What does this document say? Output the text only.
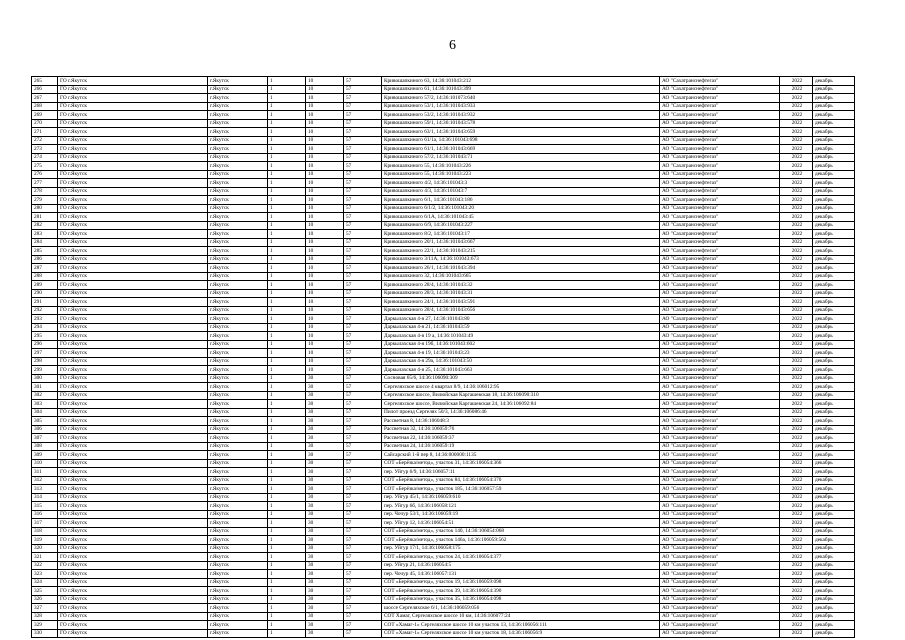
6
265	ГО г.Якутск	г.Якутск	1	10	57	Кривошапкиного 63, 14:36:101043:212	АО "Сахатранснефтегаз"	2022	декабрь
266	ГО г.Якутск	г.Якутск	1	10	57	Кривошапкиного 61, 14:36:101043:399	АО "Сахатранснефтегаз"	2022	декабрь
267	ГО г.Якутск	г.Якутск	1	10	57	Кривошапкиного 57/2, 14:36:101073:640	АО "Сахатранснефтегаз"	2022	декабрь
268	ГО г.Якутск	г.Якутск	1	10	57	Кривошапкиного 53/1, 14:36:101043:933	АО "Сахатранснефтегаз"	2022	декабрь
269	ГО г.Якутск	г.Якутск	1	10	57	Кривошапкиного 53/2, 14:36:101043:932	АО "Сахатранснефтегаз"	2022	декабрь
270	ГО г.Якутск	г.Якутск	1	10	57	Кривошапкиного 59/1, 14:36:101043:578	АО "Сахатранснефтегаз"	2022	декабрь
271	ГО г.Якутск	г.Якутск	1	10	57	Кривошапкиного 63/1, 14:36:101043:659	АО "Сахатранснефтегаз"	2022	декабрь
272	ГО г.Якутск	г.Якутск	1	10	57	Кривошапкиного 61/1а, 14:36:101043:698	АО "Сахатранснефтегаз"	2022	декабрь
273	ГО г.Якутск	г.Якутск	1	10	57	Кривошапкиного 61/1, 14:36:101043:669	АО "Сахатранснефтегаз"	2022	декабрь
274	ГО г.Якутск	г.Якутск	1	10	57	Кривошапкиного 57/2, 14:36:101043:71	АО "Сахатранснефтегаз"	2022	декабрь
275	ГО г.Якутск	г.Якутск	1	10	57	Кривошапкиного 55, 14:36:101043:226	АО "Сахатранснефтегаз"	2022	декабрь
276	ГО г.Якутск	г.Якутск	1	10	57	Кривошапкиного 55, 14:36:101043:223	АО "Сахатранснефтегаз"	2022	декабрь
277	ГО г.Якутск	г.Якутск	1	10	57	Кривошапкиного 4/2, 14:36:101043:3	АО "Сахатранснефтегаз"	2022	декабрь
278	ГО г.Якутск	г.Якутск	1	10	57	Кривошапкиного 4/3, 14:36:101043:7	АО "Сахатранснефтегаз"	2022	декабрь
279	ГО г.Якутск	г.Якутск	1	10	57	Кривошапкиного 6/1, 14:36:101043:186	АО "Сахатранснефтегаз"	2022	декабрь
280	ГО г.Якутск	г.Якутск	1	10	57	Кривошапкиного 6/1/2, 14:36:101043:20	АО "Сахатранснефтегаз"	2022	декабрь
281	ГО г.Якутск	г.Якутск	1	10	57	Кривошапкиного 6/1А, 14:36:101043:45	АО "Сахатранснефтегаз"	2022	декабрь
282	ГО г.Якутск	г.Якутск	1	10	57	Кривошапкиного 6/9, 14:36:101043:227	АО "Сахатранснефтегаз"	2022	декабрь
283	ГО г.Якутск	г.Якутск	1	10	57	Кривошапкиного 8/2, 14:36:101043:17	АО "Сахатранснефтегаз"	2022	декабрь
284	ГО г.Якутск	г.Якутск	1	10	57	Кривошапкиного 20/1, 14:36:101043:667	АО "Сахатранснефтегаз"	2022	декабрь
285	ГО г.Якутск	г.Якутск	1	10	57	Кривошапкиного 22/1, 14:36:101043:215	АО "Сахатранснефтегаз"	2022	декабрь
286	ГО г.Якутск	г.Якутск	1	10	57	Кривошапкиного 3/11А, 14:36:101043:673	АО "Сахатранснефтегаз"	2022	декабрь
287	ГО г.Якутск	г.Якутск	1	10	57	Кривошапкиного 26/1, 14:36:101043:394	АО "Сахатранснефтегаз"	2022	декабрь
288	ГО г.Якутск	г.Якутск	1	10	57	Кривошапкиного 32, 14:36:101043:665	АО "Сахатранснефтегаз"	2022	декабрь
289	ГО г.Якутск	г.Якутск	1	10	57	Кривошапкиного 28/4, 14:36:101043:32	АО "Сахатранснефтегаз"	2022	декабрь
290	ГО г.Якутск	г.Якутск	1	10	57	Кривошапкиного 28/3, 14:36:101043:31	АО "Сахатранснефтегаз"	2022	декабрь
291	ГО г.Якутск	г.Якутск	1	10	57	Кривошапкиного 24/1, 14:36:101043:591	АО "Сахатранснефтегаз"	2022	декабрь
292	ГО г.Якутск	г.Якутск	1	10	57	Кривошапкиного 28/4, 14:36:101043:656	АО "Сахатранснефтегаз"	2022	декабрь
293	ГО г.Якутск	г.Якутск	1	10	57	Даркылахская 4-я 27, 14:36:101043:80	АО "Сахатранснефтегаз"	2022	декабрь
294	ГО г.Якутск	г.Якутск	1	10	57	Даркылахская 4-я 21, 14:36:101043:59	АО "Сахатранснефтегаз"	2022	декабрь
295	ГО г.Якутск	г.Якутск	1	10	57	Даркылахская 4-я 19 а, 14:36:101043:49	АО "Сахатранснефтегаз"	2022	декабрь
296	ГО г.Якутск	г.Якутск	1	10	57	Даркылахская 4-я 19б, 14:36:101043:602	АО "Сахатранснефтегаз"	2022	декабрь
297	ГО г.Якутск	г.Якутск	1	10	57	Даркылахская 4-я 19, 14:36:101043:23	АО "Сахатранснефтегаз"	2022	декабрь
298	ГО г.Якутск	г.Якутск	1	10	57	Даркылахская 4-я 29а, 14:36:101043:50	АО "Сахатранснефтегаз"	2022	декабрь
299	ГО г.Якутск	г.Якутск	1	10	57	Даркылахская 4-я 25, 14:36:101043:663	АО "Сахатранснефтегаз"	2022	декабрь
300	ГО г.Якутск	г.Якутск	1	30	57	Сосновая 65/6, 14:36:106090:309	АО "Сахатранснефтегаз"	2022	декабрь
301	ГО г.Якутск	г.Якутск	1	30	57	Сергеляхское шоссе 4 квартал 8/9, 14:36:106012:95	АО "Сахатранснефтегаз"	2022	декабрь
302	ГО г.Якутск	г.Якутск	1	30	57	Сергеляхское шоссе, Вилюйская Каргашевская 18, 14:36:106090:310	АО "Сахатранснефтегаз"	2022	декабрь
303	ГО г.Якутск	г.Якутск	1	30	57	Сергеляхское шоссе, Вилюйская Каргашевская 24, 14:36:106092:84	АО "Сахатранснефтегаз"	2022	декабрь
304	ГО г.Якутск	г.Якутск	1	30	57	Пилот проезд Сергелях 50/3, 14:36:106086:46	АО "Сахатранснефтегаз"	2022	декабрь
305	ГО г.Якутск	г.Якутск	1	30	57	Рассветная 8, 14:36:106048:3	АО "Сахатранснефтегаз"	2022	декабрь
306	ГО г.Якутск	г.Якутск	1	30	57	Рассветная 32, 14:36:106059:76	АО "Сахатранснефтегаз"	2022	декабрь
307	ГО г.Якутск	г.Якутск	1	30	57	Рассветная 22, 14:36:106059:37	АО "Сахатранснефтегаз"	2022	декабрь
308	ГО г.Якутск	г.Якутск	1	30	57	Рассветная 24, 14:36:106059:19	АО "Сахатранснефтегаз"	2022	декабрь
309	ГО г.Якутск	г.Якутск	1	30	57	Сайсарский 1-й пер 8, 14:36:000000:1135	АО "Сахатранснефтегаз"	2022	декабрь
310	ГО г.Якутск	г.Якутск	1	30	57	СОТ «Берёзка/метод», участок 31, 14:36:106054:366	АО "Сахатранснефтегаз"	2022	декабрь
311	ГО г.Якутск	г.Якутск	1	30	57	пер. Уйгур 6/9, 14:36:106057:11	АО "Сахатранснефтегаз"	2022	декабрь
312	ГО г.Якутск	г.Якутск	1	30	57	СОТ «Берёзка/метод», участок 84, 14:36:106054:370	АО "Сахатранснефтегаз"	2022	декабрь
313	ГО г.Якутск	г.Якутск	1	30	57	СОТ «Берёзка/метод», участок 185, 14:36:106057:59	АО "Сахатранснефтегаз"	2022	декабрь
314	ГО г.Якутск	г.Якутск	1	30	57	пер. Уйгур 45/1, 14:36:106059:610	АО "Сахатранснефтегаз"	2022	декабрь
315	ГО г.Якутск	г.Якутск	1	30	57	пер. Уйгур 6б, 14:36:106058:121	АО "Сахатранснефтегаз"	2022	декабрь
316	ГО г.Якутск	г.Якутск	1	30	57	пер. Чочур 53/1, 14:36:106059:19	АО "Сахатранснефтегаз"	2022	декабрь
317	ГО г.Якутск	г.Якутск	1	30	57	пер. Уйгур 12, 14:36:106054:51	АО "Сахатранснефтегаз"	2022	декабрь
318	ГО г.Якутск	г.Якутск	1	30	57	СОТ «Берёзка/метод», участок 140, 14:36:106054:068	АО "Сахатранснефтегаз"	2022	декабрь
319	ГО г.Якутск	г.Якутск	1	30	57	СОТ «Берёзка/метод», участок 146а, 14:36:106059:562	АО "Сахатранснефтегаз"	2022	декабрь
320	ГО г.Якутск	г.Якутск	1	30	57	пер. Уйгур 17/1, 14:36:106058:175	АО "Сахатранснефтегаз"	2022	декабрь
321	ГО г.Якутск	г.Якутск	1	30	57	СОТ «Берёзка/метод», участок 24, 14:36:106054:377	АО "Сахатранснефтегаз"	2022	декабрь
322	ГО г.Якутск	г.Якутск	1	30	57	пер. Уйгур 21, 14:36:106054:5	АО "Сахатранснефтегаз"	2022	декабрь
323	ГО г.Якутск	г.Якутск	1	30	57	пер. Чочур 45, 14:36:106057:131	АО "Сахатранснефтегаз"	2022	декабрь
324	ГО г.Якутск	г.Якутск	1	30	57	СОТ «Берёзка/метод», участок 19, 14:36:106059:098	АО "Сахатранснефтегаз"	2022	декабрь
325	ГО г.Якутск	г.Якутск	1	30	57	СОТ «Берёзка/метод», участок 39, 14:36:106054:390	АО "Сахатранснефтегаз"	2022	декабрь
326	ГО г.Якутск	г.Якутск	1	30	57	СОТ «Берёзка/метод», участок 35, 14:36:106054:098	АО "Сахатранснефтегаз"	2022	декабрь
327	ГО г.Якутск	г.Якутск	1	30	57	шоссе Сергеляхское 6/1, 14:36:106059:056	АО "Сахатранснефтегаз"	2022	декабрь
328	ГО г.Якутск	г.Якутск	1	30	57	СОТ Хамаг, Сергеляхское шоссе 10 км, 14:36:106077:24	АО "Сахатранснефтегаз"	2022	декабрь
329	ГО г.Якутск	г.Якутск	1	30	57	СОТ «Хамаг-1» Сергеляхское шоссе 10 км участок 13, 14:36:106056:111	АО "Сахатранснефтегаз"	2022	декабрь
330	ГО г.Якутск	г.Якутск	1	30	57	СОТ «Хамаг-1» Сергеляхское шоссе 10 км участок 18, 14:36:106056:9	АО "Сахатранснефтегаз"	2022	декабрь
